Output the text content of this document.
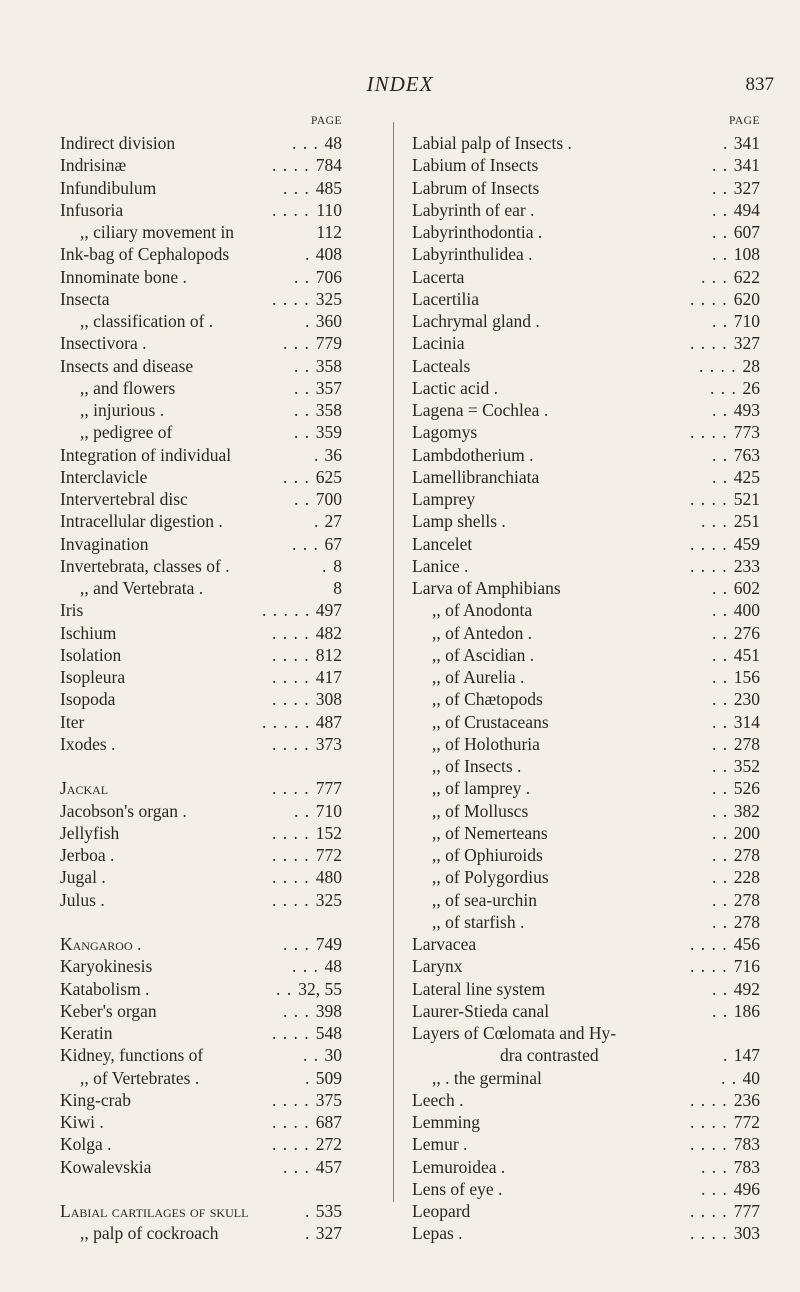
INDEX	837
PAGE
Indirect division	. . . 48
Indrisinæ	. . . . 784
Infundibulum	. . . 485
Infusoria	. . . . 110
,, ciliary movement in	112
Ink-bag of Cephalopods	. 408
Innominate bone .	. . 706
Insecta	. . . . 325
,, classification of .	. 360
Insectivora .	. . . 779
Insects and disease	. . 358
,, and flowers	. . 357
,, injurious .	. . 358
,, pedigree of	. . 359
Integration of individual	. 36
Interclavicle	. . . 625
Intervertebral disc	. . 700
Intracellular digestion .	. 27
Invagination	. . . 67
Invertebrata, classes of .	. 8
,, and Vertebrata .	8
Iris	. . . . . 497
Ischium	. . . . 482
Isolation	. . . . 812
Isopleura	. . . . 417
Isopoda	. . . . 308
Iter	. . . . . 487
Ixodes .	. . . . 373
Jackal	. . . . 777
Jacobson's organ .	. . 710
Jellyfish	. . . . 152
Jerboa .	. . . . 772
Jugal .	. . . . 480
Julus .	. . . . 325
Kangaroo .	. . . 749
Karyokinesis	. . . 48
Katabolism .	. . 32, 55
Keber's organ	. . . 398
Keratin	. . . . 548
Kidney, functions of	. . 30
,, of Vertebrates .	. 509
King-crab	. . . . 375
Kiwi .	. . . . 687
Kolga .	. . . . 272
Kowalevskia	. . . 457
Labial cartilages of skull	. 535
,, palp of cockroach	. 327
PAGE
Labial palp of Insects .	. 341
Labium of Insects	. . 341
Labrum of Insects	. . 327
Labyrinth of ear .	. . 494
Labyrinthodontia .	. . 607
Labyrinthulidea .	. . 108
Lacerta	. . . 622
Lacertilia	. . . . 620
Lachrymal gland .	. . 710
Lacinia	. . . . 327
Lacteals	. . . . 28
Lactic acid .	. . . 26
Lagena = Cochlea .	. . 493
Lagomys	. . . . 773
Lambdotherium .	. . 763
Lamellibranchiata	. . 425
Lamprey	. . . . 521
Lamp shells .	. . . 251
Lancelet	. . . . 459
Lanice .	. . . . 233
Larva of Amphibians	. . 602
,, of Anodonta	. . 400
,, of Antedon .	. . 276
,, of Ascidian .	. . 451
,, of Aurelia .	. . 156
,, of Chætopods	. . 230
,, of Crustaceans	. . 314
,, of Holothuria	. . 278
,, of Insects .	. . 352
,, of lamprey .	. . 526
,, of Molluscs	. . 382
,, of Nemerteans	. . 200
,, of Ophiuroids	. . 278
,, of Polygordius	. . 228
,, of sea-urchin	. . 278
,, of starfish .	. . 278
Larvacea	. . . . 456
Larynx	. . . . 716
Lateral line system	. . 492
Laurer-Stieda canal	. . 186
Layers of Cœlomata and Hy-
dra contrasted	. 147
,, . the germinal	. . 40
Leech .	. . . . 236
Lemming	. . . . 772
Lemur .	. . . . 783
Lemuroidea .	. . . 783
Lens of eye .	. . . 496
Leopard	. . . . 777
Lepas .	. . . . 303
